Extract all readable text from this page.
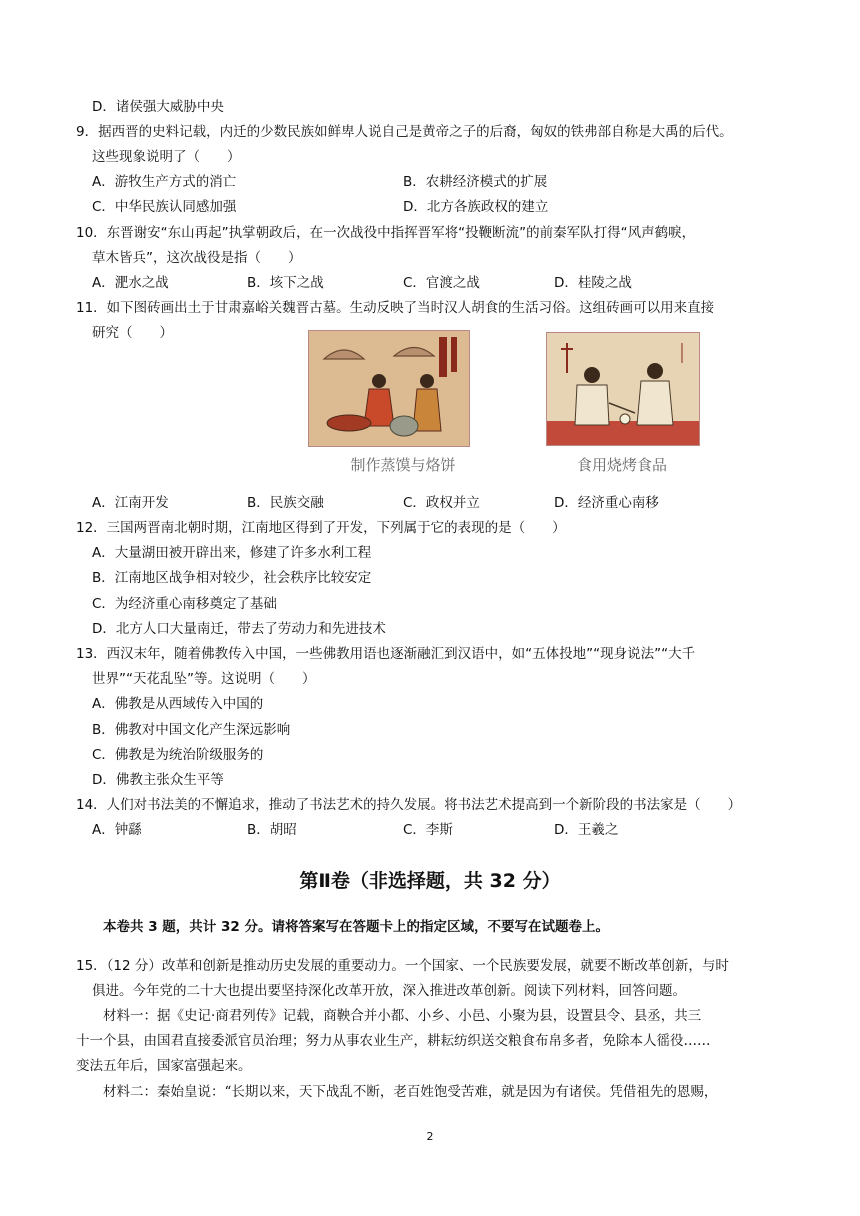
D．诸侯强大威胁中央
9．据西晋的史料记载，内迁的少数民族如鲜卑人说自己是黄帝之子的后裔，匈奴的铁弗部自称是大禹的后代。
这些现象说明了（　　）
A．游牧生产方式的消亡	B．农耕经济模式的扩展
C．中华民族认同感加强	D．北方各族政权的建立
10．东晋谢安“东山再起”执掌朝政后，在一次战役中指挥晋军将“投鞭断流”的前秦军队打得“风声鹤唳，
草木皆兵”，这次战役是指（　　）
A．淝水之战	B．垓下之战	C．官渡之战	D．桂陵之战
11．如下图砖画出土于甘肃嘉峪关魏晋古墓。生动反映了当时汉人胡食的生活习俗。这组砖画可以用来直接
研究（　　）
制作蒸馍与烙饼	食用烧烤食品
A．江南开发	B．民族交融	C．政权并立	D．经济重心南移
12．三国两晋南北朝时期，江南地区得到了开发，下列属于它的表现的是（　　）
A．大量湖田被开辟出来，修建了许多水利工程
B．江南地区战争相对较少，社会秩序比较安定
C．为经济重心南移奠定了基础
D．北方人口大量南迁，带去了劳动力和先进技术
13．西汉末年，随着佛教传入中国，一些佛教用语也逐渐融汇到汉语中，如“五体投地”“现身说法”“大千
世界”“天花乱坠”等。这说明（　　）
A．佛教是从西域传入中国的
B．佛教对中国文化产生深远影响
C．佛教是为统治阶级服务的
D．佛教主张众生平等
14．人们对书法美的不懈追求，推动了书法艺术的持久发展。将书法艺术提高到一个新阶段的书法家是（　　）
A．钟繇	B．胡昭	C．李斯	D．王羲之
第Ⅱ卷（非选择题，共 32 分）
本卷共 3 题，共计 32 分。请将答案写在答题卡上的指定区域，不要写在试题卷上。
15．（12 分）改革和创新是推动历史发展的重要动力。一个国家、一个民族要发展，就要不断改革创新，与时
俱进。今年党的二十大也提出要坚持深化改革开放，深入推进改革创新。阅读下列材料，回答问题。
材料一：据《史记·商君列传》记载，商鞅合并小都、小乡、小邑、小聚为县，设置县令、县丞，共三
十一个县，由国君直接委派官员治理；努力从事农业生产，耕耘纺织送交粮食布帛多者，免除本人徭役……
变法五年后，国家富强起来。
材料二：秦始皇说：“长期以来，天下战乱不断，老百姓饱受苦难，就是因为有诸侯。凭借祖先的恩赐，
2
